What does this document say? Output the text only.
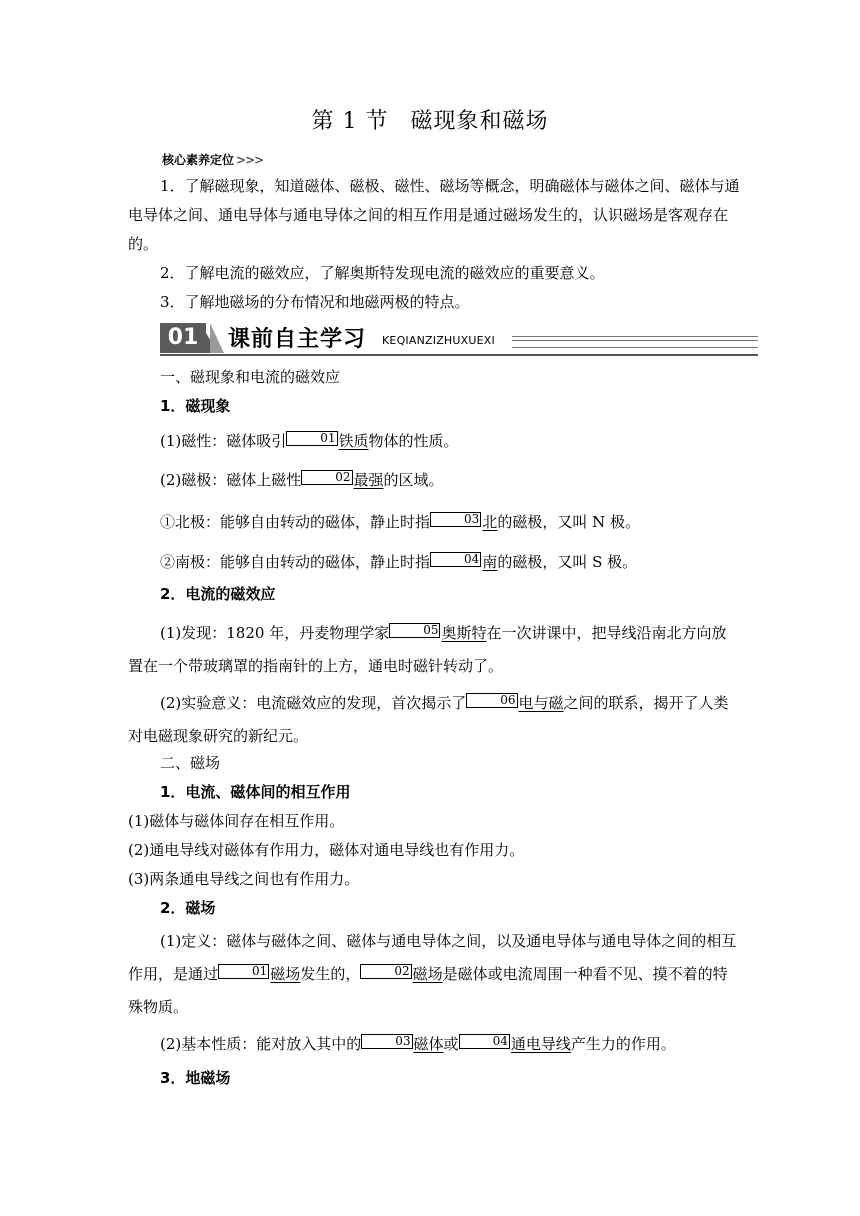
第 1 节 磁现象和磁场
核心素养定位 >>>
1．了解磁现象，知道磁体、磁极、磁性、磁场等概念，明确磁体与磁体之间、磁体与通电导体之间、通电导体与通电导体之间的相互作用是通过磁场发生的，认识磁场是客观存在的。
2．了解电流的磁效应，了解奥斯特发现电流的磁效应的重要意义。
3．了解地磁场的分布情况和地磁两极的特点。
01	课前自主学习 KEQIANZIZHUXUEXI
一、磁现象和电流的磁效应
1．磁现象
(1)磁性：磁体吸引	01 铁质物体的性质。
(2)磁极：磁体上磁性	02 最强的区域。
①北极：能够自由转动的磁体，静止时指	03 北的磁极，又叫 N 极。
②南极：能够自由转动的磁体，静止时指	04 南的磁极，又叫 S 极。
2．电流的磁效应
(1)发现：1820 年，丹麦物理学家	05 奥斯特在一次讲课中，把导线沿南北方向放置在一个带玻璃罩的指南针的上方，通电时磁针转动了。
(2)实验意义：电流磁效应的发现，首次揭示了	06 电与磁之间的联系，揭开了人类对电磁现象研究的新纪元。
二、磁场
1．电流、磁体间的相互作用
(1)磁体与磁体间存在相互作用。
(2)通电导线对磁体有作用力，磁体对通电导线也有作用力。
(3)两条通电导线之间也有作用力。
2．磁场
(1)定义：磁体与磁体之间、磁体与通电导体之间，以及通电导体与通电导体之间的相互作用，是通过	01 磁场发生的，	02 磁场是磁体或电流周围一种看不见、摸不着的特殊物质。
(2)基本性质：能对放入其中的	03 磁体或	04 通电导线产生力的作用。
3．地磁场
